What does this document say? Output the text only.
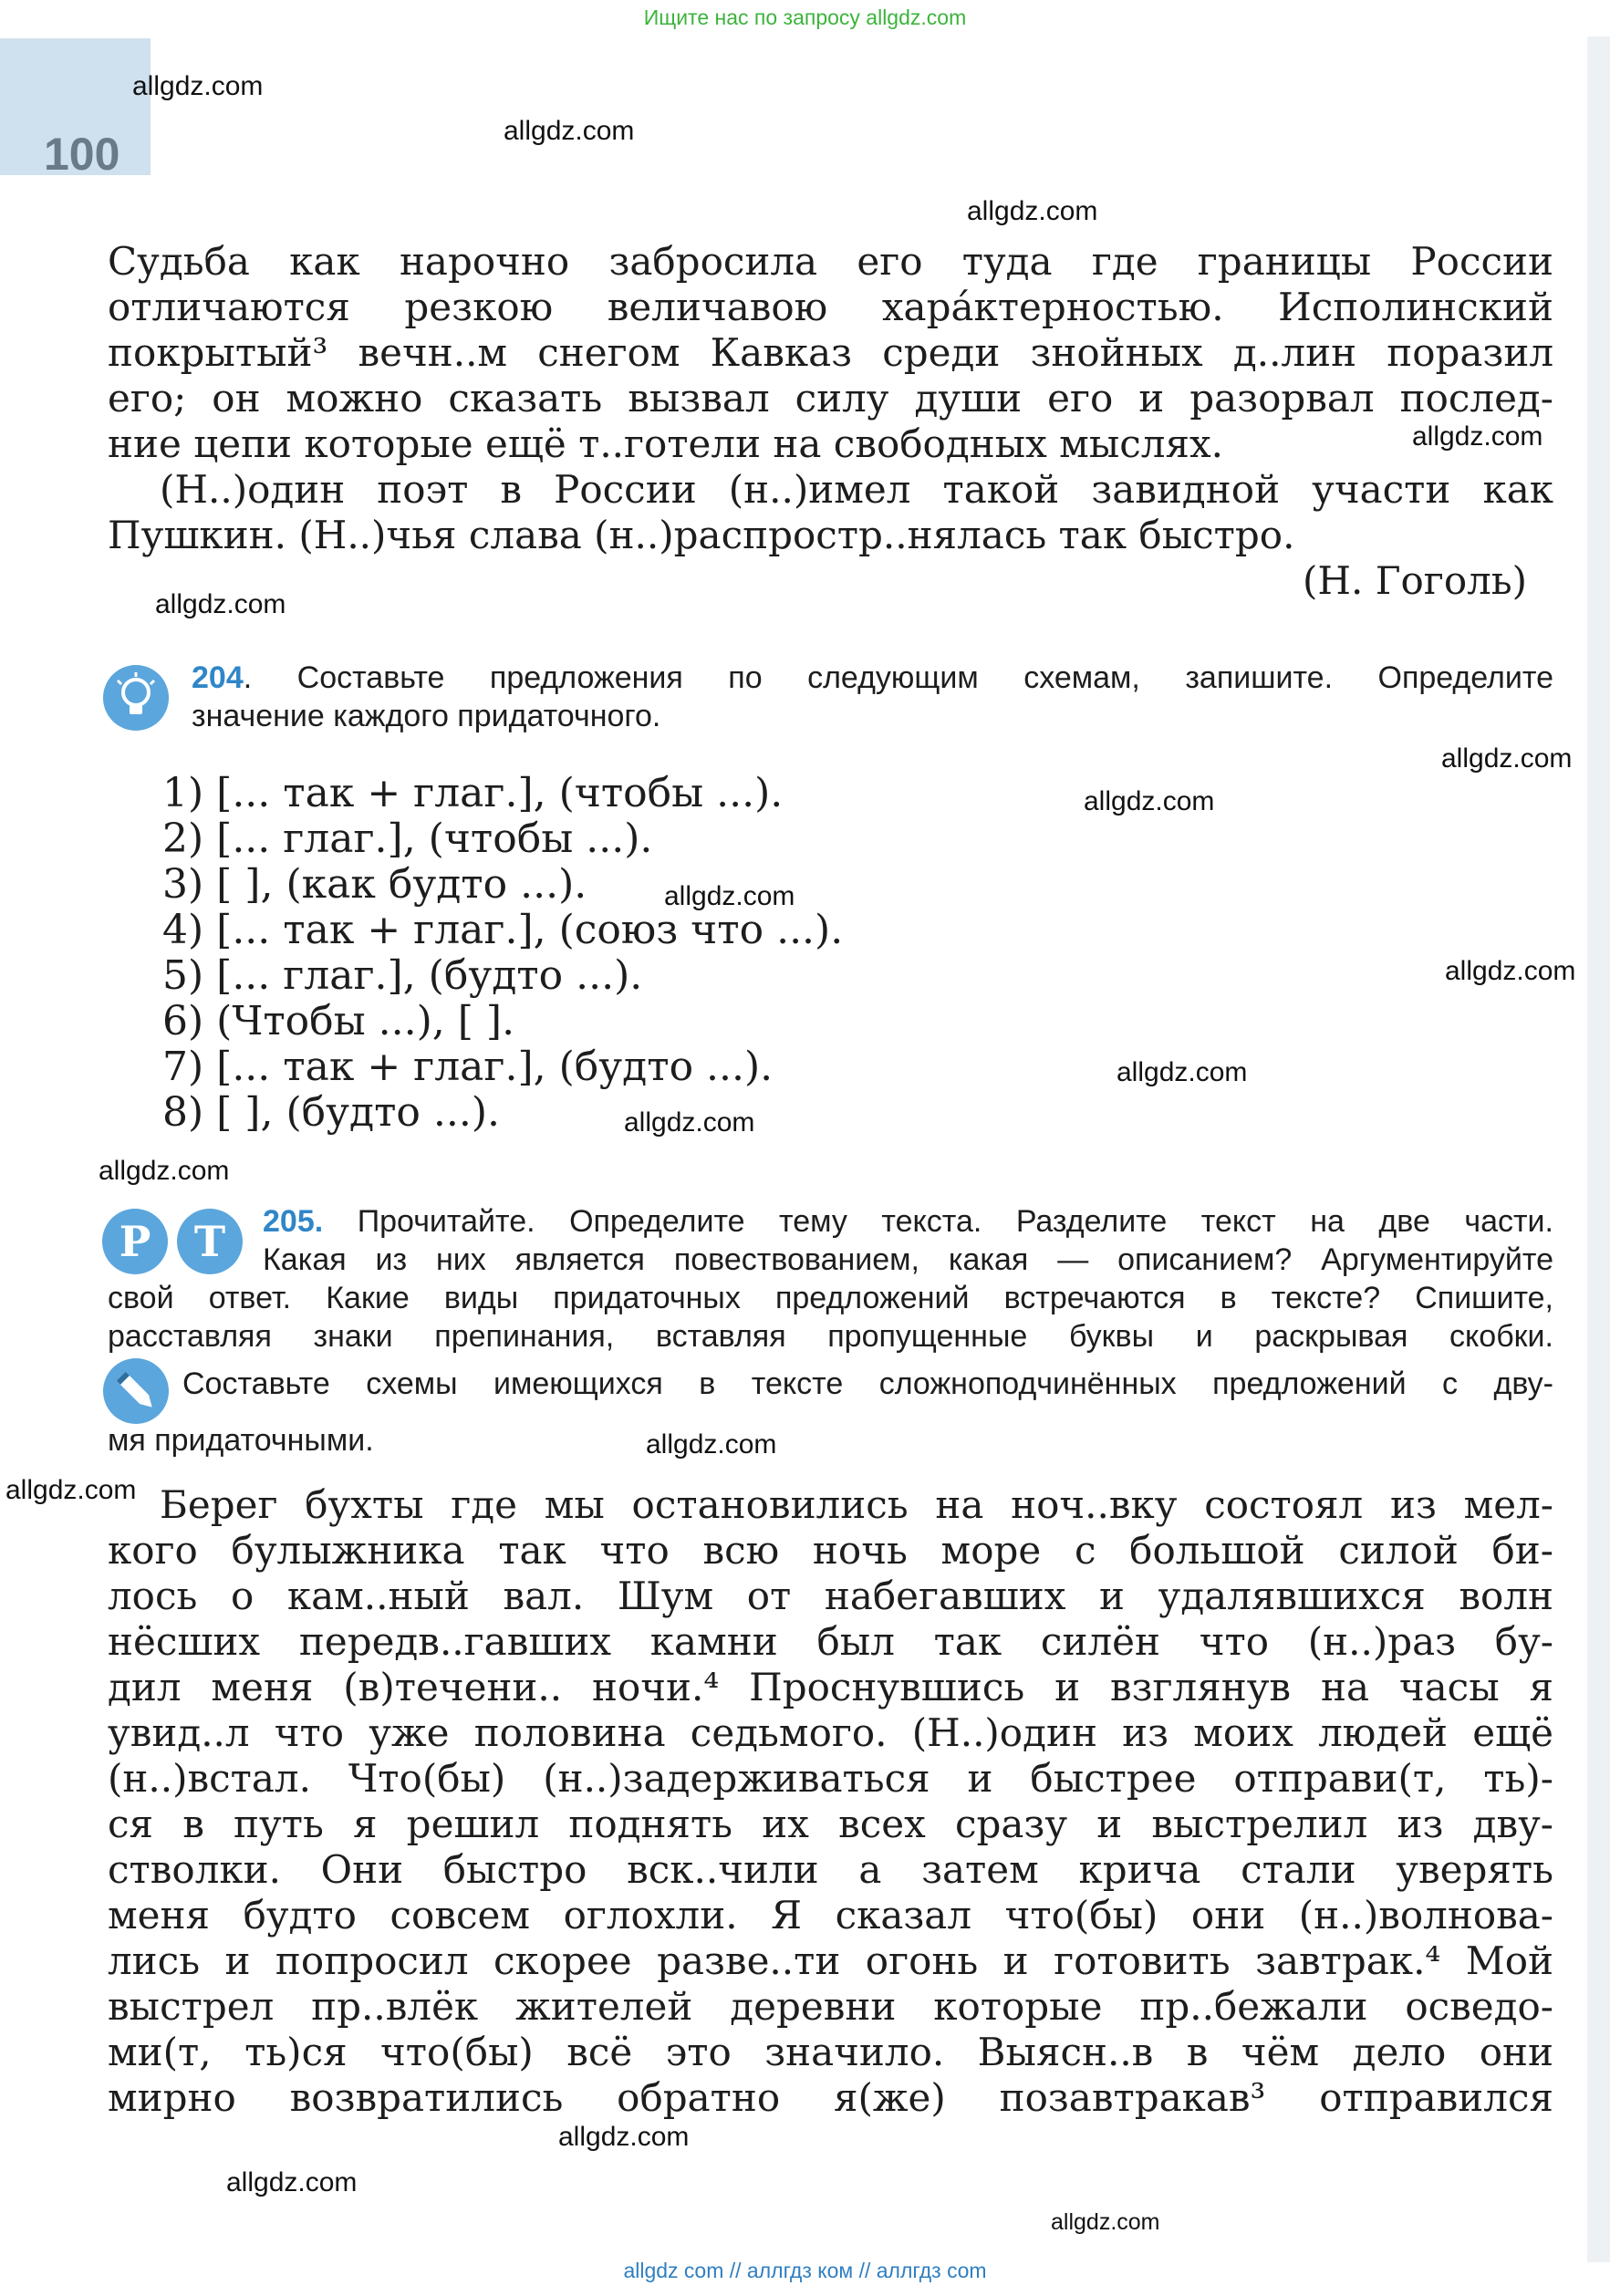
Ищите нас по запросу allgdz.com
100
allgdz.com
allgdz.com
allgdz.com
allgdz.com
allgdz.com
allgdz.com
allgdz.com
allgdz.com
allgdz.com
allgdz.com
allgdz.com
allgdz.com
allgdz.com
allgdz.com
allgdz.com
allgdz.com
allgdz.com
Судьба как нарочно забросила его туда где границы России
отличаются резкою величавою хара́ктерностью. Исполинский
покрытый³ вечн..м снегом Кавказ среди знойных д..лин поразил
его; он можно сказать вызвал силу души его и разорвал послед-
ние цепи которые ещё т..готели на свободных мыслях.
(Н..)один поэт в России (н..)имел такой завидной участи как
Пушкин. (Н..)чья слава (н..)распростр..нялась так быстро.
(Н. Гоголь)
204. Составьте предложения по следующим схемам, запишите. Определите
значение каждого придаточного.
1) [... так + глаг.], (чтобы ...).
2) [... глаг.], (чтобы ...).
3) [ ], (как будто ...).
4) [... так + глаг.], (союз что ...).
5) [... глаг.], (будто ...).
6) (Чтобы ...), [ ].
7) [... так + глаг.], (будто ...).
8) [ ], (будто ...).
Р	Т	205. Прочитайте. Определите тему текста. Разделите текст на две части.
Какая из них является повествованием, какая — описанием? Аргументируйте
свой ответ. Какие виды придаточных предложений встречаются в тексте? Спишите,
расставляя знаки препинания, вставляя пропущенные буквы и раскрывая скобки.
Составьте схемы имеющихся в тексте сложноподчинённых предложений с дву-
мя придаточными.
Берег бухты где мы остановились на ноч..вку состоял из мел-
кого булыжника так что всю ночь море с большой силой би-
лось о кам..ный вал. Шум от набегавших и удалявшихся волн
нёсших передв..гавших камни был так силён что (н..)раз бу-
дил меня (в)течени.. ночи.⁴ Проснувшись и взглянув на часы я
увид..л что уже половина седьмого. (Н..)один из моих людей ещё
(н..)встал. Что(бы) (н..)задерживаться и быстрее отправи(т, ть)-
ся в путь я решил поднять их всех сразу и выстрелил из дву-
стволки. Они быстро вск..чили а затем крича стали уверять
меня будто совсем оглохли. Я сказал что(бы) они (н..)волнова-
лись и попросил скорее разве..ти огонь и готовить завтрак.⁴ Мой
выстрел пр..влёк жителей деревни которые пр..бежали осведо-
ми(т, ть)ся что(бы) всё это значило. Выясн..в в чём дело они
мирно возвратились обратно я(же) позавтракав³ отправился
allgdz com // аллгдз ком // аллгдз com
